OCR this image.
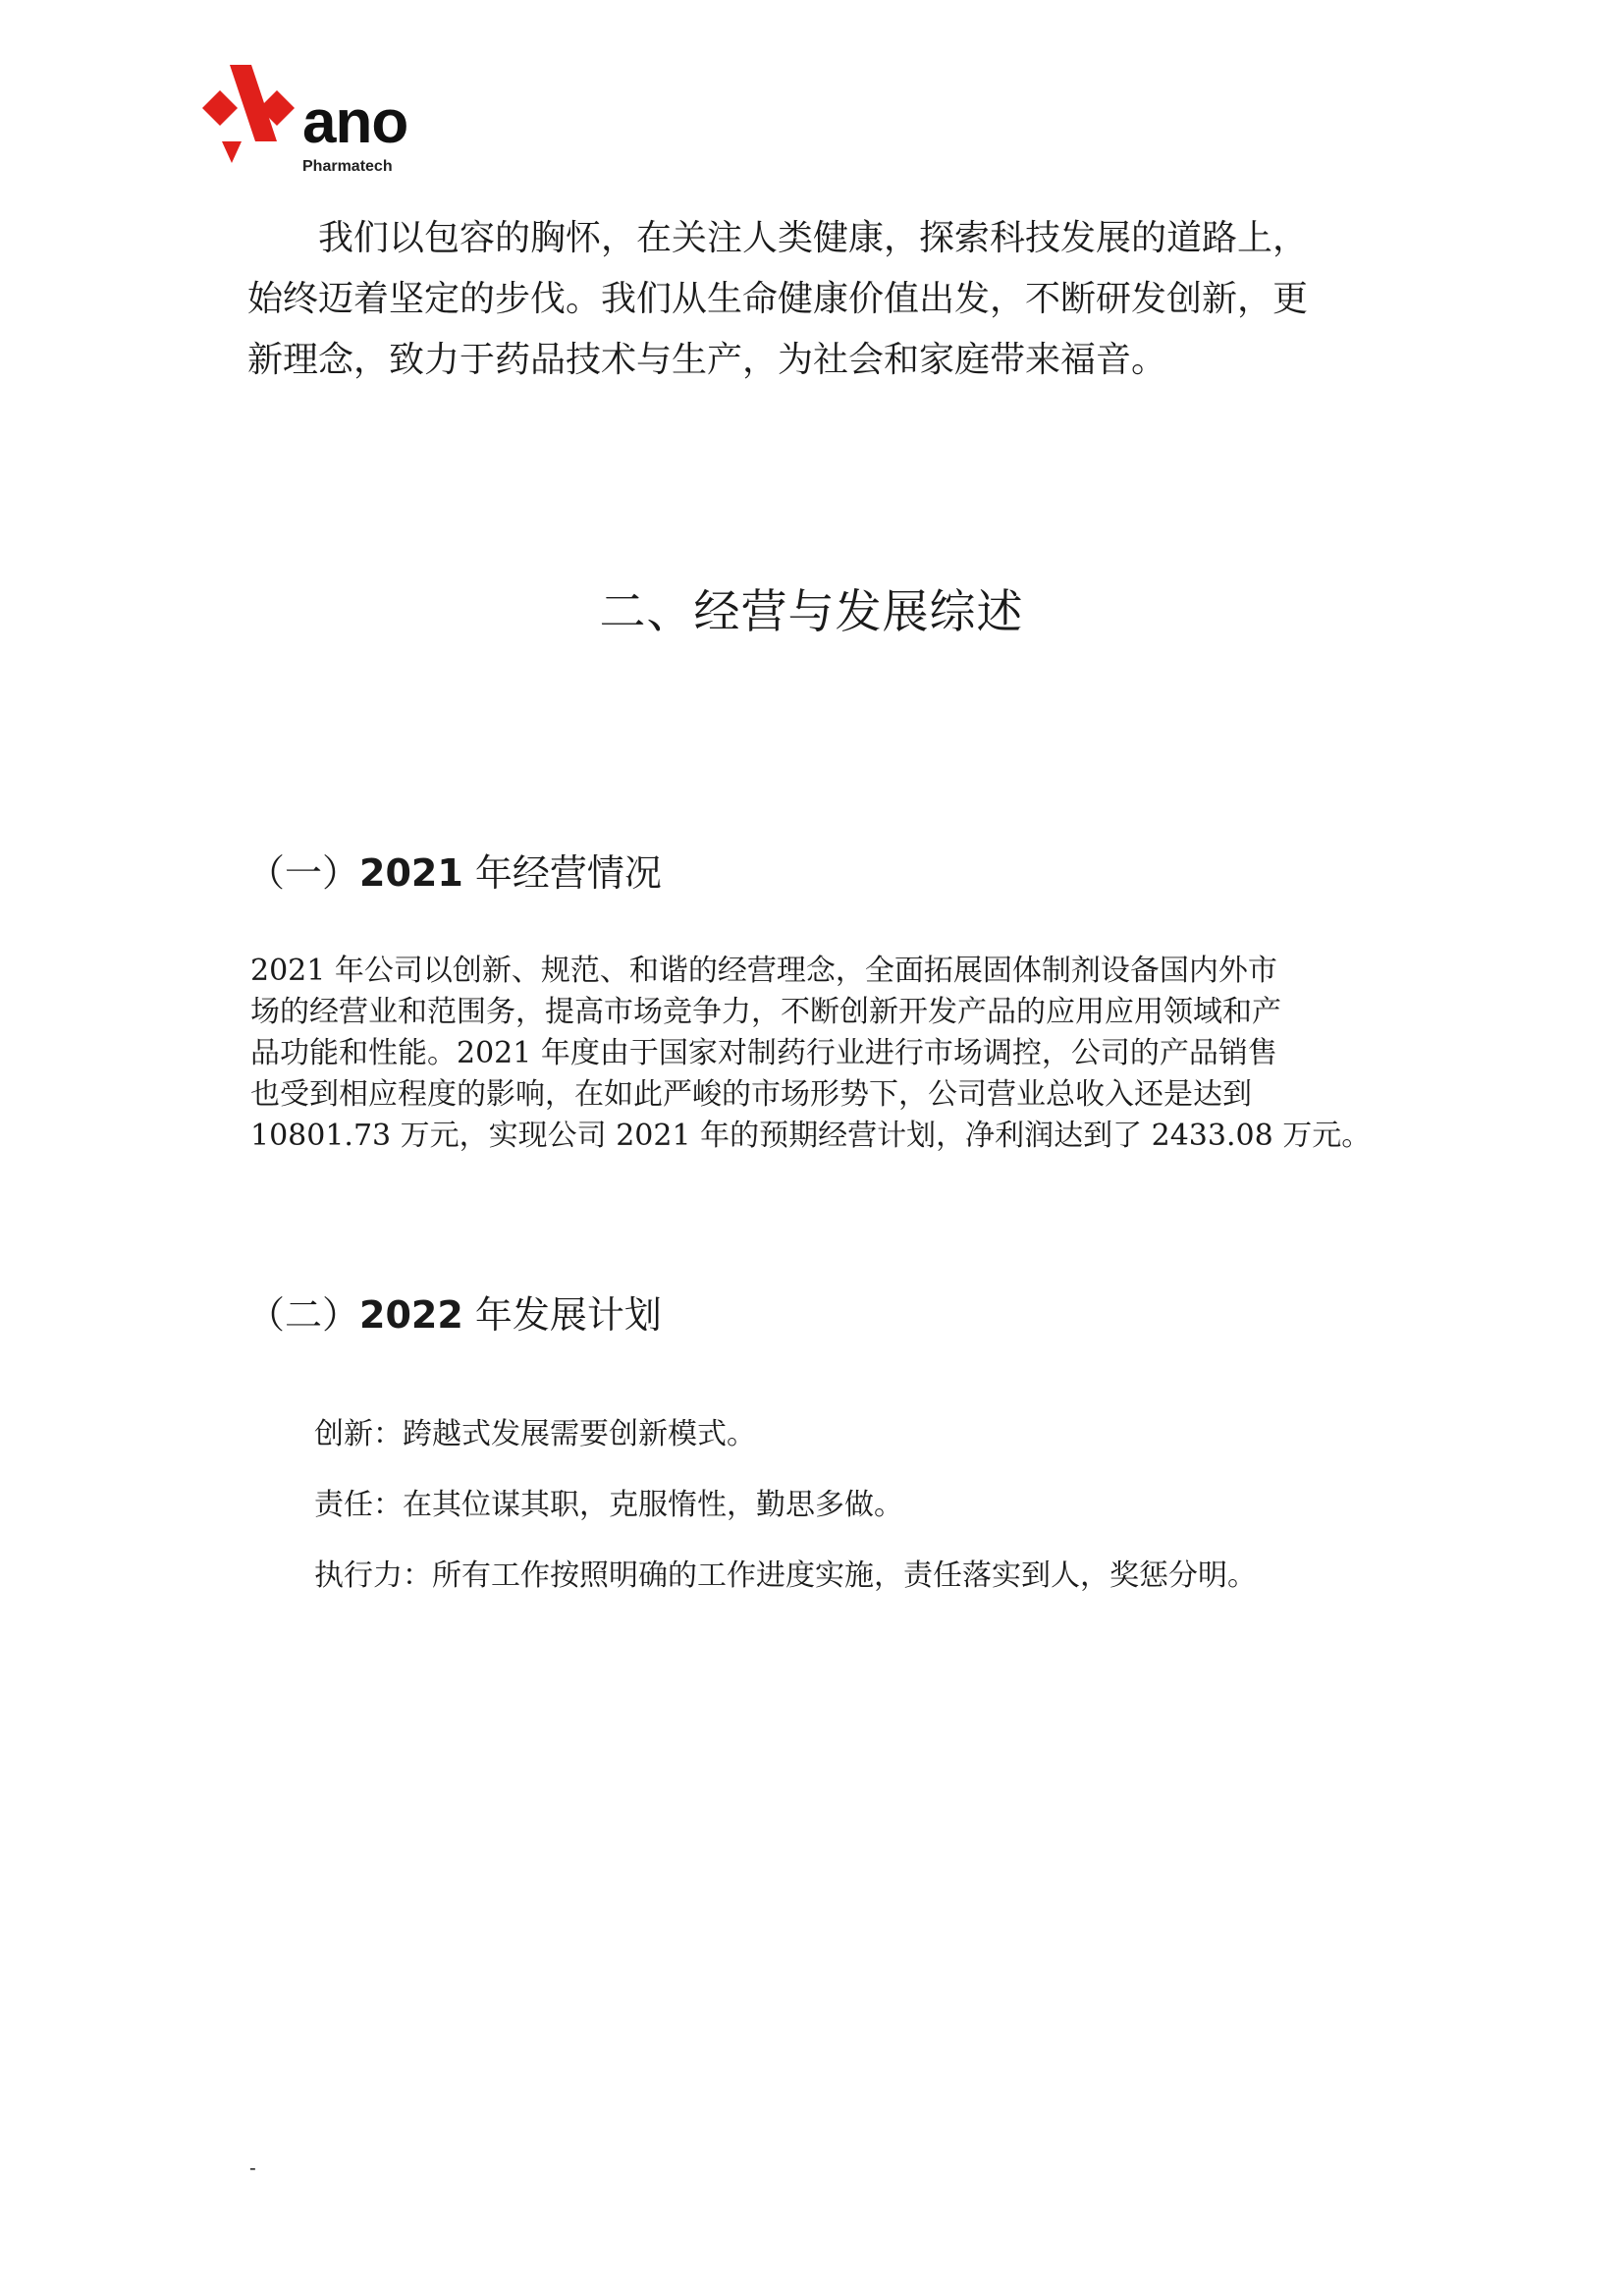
ano
Pharmatech

　　我们以包容的胸怀，在关注人类健康，探索科技发展的道路上，

始终迈着坚定的步伐。我们从生命健康价值出发，不断研发创新，更

新理念，致力于药品技术与生产，为社会和家庭带来福音。

二、经营与发展综述
（一）2021 年经营情况

2021 年公司以创新、规范、和谐的经营理念，全面拓展固体制剂设备国内外市

场的经营业和范围务，提高市场竞争力，不断创新开发产品的应用应用领域和产

品功能和性能。2021 年度由于国家对制药行业进行市场调控，公司的产品销售

也受到相应程度的影响，在如此严峻的市场形势下，公司营业总收入还是达到

10801.73 万元，实现公司 2021 年的预期经营计划，净利润达到了 2433.08 万元。

（二）2022 年发展计划
创新：跨越式发展需要创新模式。
责任：在其位谋其职，克服惰性，勤思多做。
执行力：所有工作按照明确的工作进度实施，责任落实到人，奖惩分明。
-
